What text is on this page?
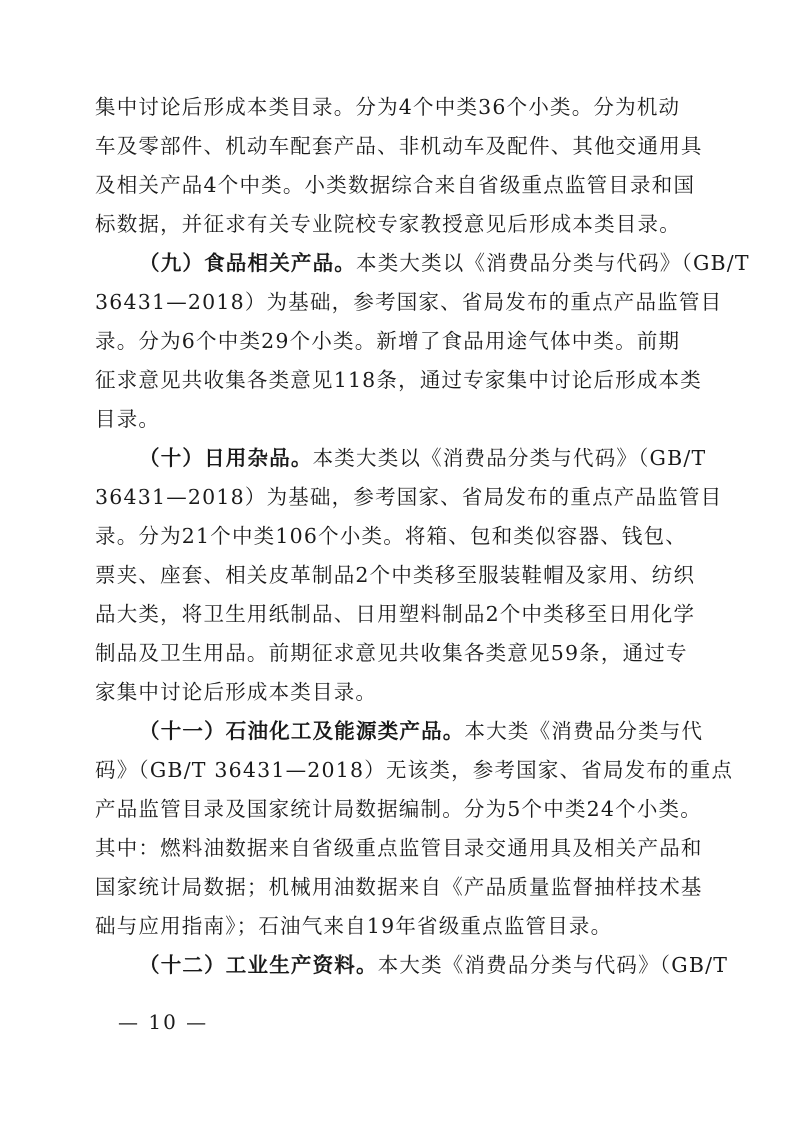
集中讨论后形成本类目录。分为4个中类36个小类。分为机动
车及零部件、机动车配套产品、非机动车及配件、其他交通用具
及相关产品4个中类。小类数据综合来自省级重点监管目录和国
标数据，并征求有关专业院校专家教授意见后形成本类目录。
（九）食品相关产品。本类大类以《消费品分类与代码》（GB/T
36431—2018）为基础，参考国家、省局发布的重点产品监管目
录。分为6个中类29个小类。新增了食品用途气体中类。前期
征求意见共收集各类意见118条，通过专家集中讨论后形成本类
目录。
（十）日用杂品。本类大类以《消费品分类与代码》（GB/T
36431—2018）为基础，参考国家、省局发布的重点产品监管目
录。分为21个中类106个小类。将箱、包和类似容器、钱包、
票夹、座套、相关皮革制品2个中类移至服装鞋帽及家用、纺织
品大类，将卫生用纸制品、日用塑料制品2个中类移至日用化学
制品及卫生用品。前期征求意见共收集各类意见59条，通过专
家集中讨论后形成本类目录。
（十一）石油化工及能源类产品。本大类《消费品分类与代
码》（GB/T 36431—2018）无该类，参考国家、省局发布的重点
产品监管目录及国家统计局数据编制。分为5个中类24个小类。
其中：燃料油数据来自省级重点监管目录交通用具及相关产品和
国家统计局数据；机械用油数据来自《产品质量监督抽样技术基
础与应用指南》；石油气来自19年省级重点监管目录。
（十二）工业生产资料。本大类《消费品分类与代码》（GB/T
— 10 —
